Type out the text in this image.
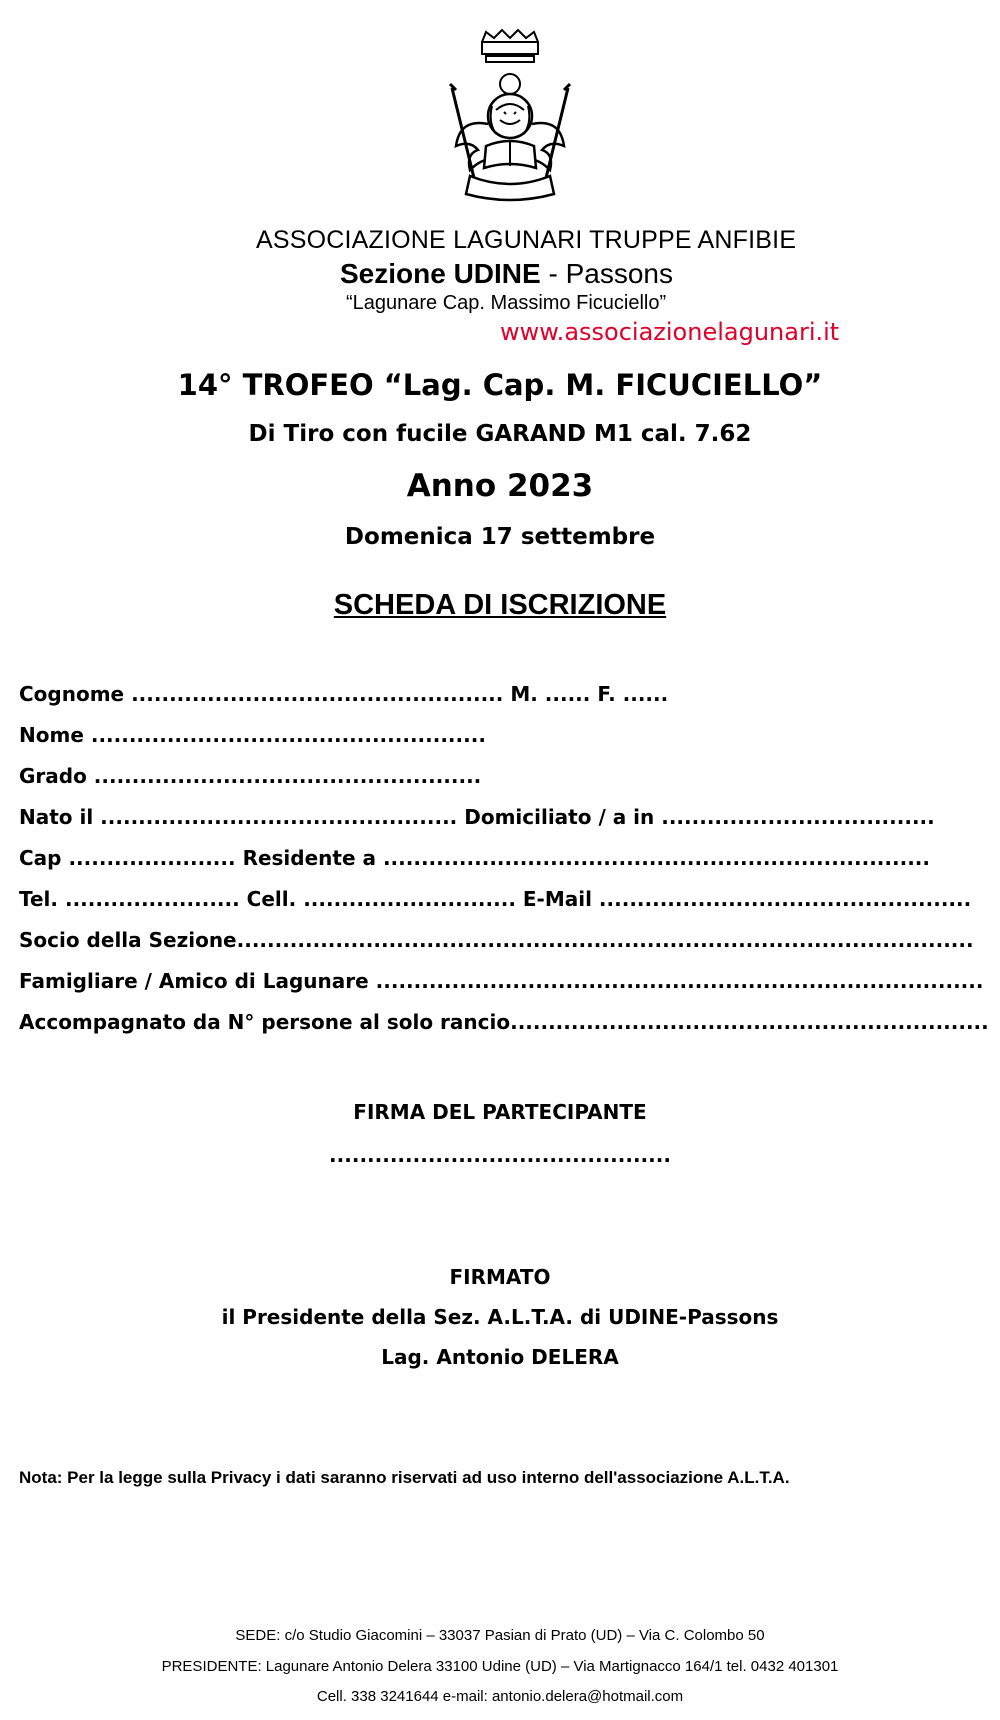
ASSOCIAZIONE LAGUNARI TRUPPE ANFIBIE
Sezione UDINE - Passons
“Lagunare Cap. Massimo Ficuciello”
www.associazionelagunari.it
14° TROFEO “Lag. Cap. M. FICUCIELLO”
Di Tiro con fucile GARAND M1 cal. 7.62
Anno 2023
Domenica 17 settembre
SCHEDA DI ISCRIZIONE
Cognome ................................................. M. ...... F. ......
Nome ....................................................
Grado ...................................................
Nato il ............................................... Domiciliato / a in ....................................
Cap ...................... Residente a ........................................................................
Tel. ....................... Cell. ............................ E-Mail .................................................
Socio della Sezione.................................................................................................
Famigliare / Amico di Lagunare ................................................................................
Accompagnato da N° persone al solo rancio...............................................................
FIRMA DEL PARTECIPANTE
.............................................
FIRMATO
il Presidente della Sez. A.L.T.A. di UDINE-Passons
Lag. Antonio DELERA
Nota: Per la legge sulla Privacy i dati saranno riservati ad uso interno dell'associazione A.L.T.A.
SEDE: c/o Studio Giacomini – 33037 Pasian di Prato (UD) – Via C. Colombo 50
PRESIDENTE: Lagunare Antonio Delera 33100 Udine (UD) – Via Martignacco 164/1 tel. 0432 401301
Cell. 338 3241644 e-mail: antonio.delera@hotmail.com
